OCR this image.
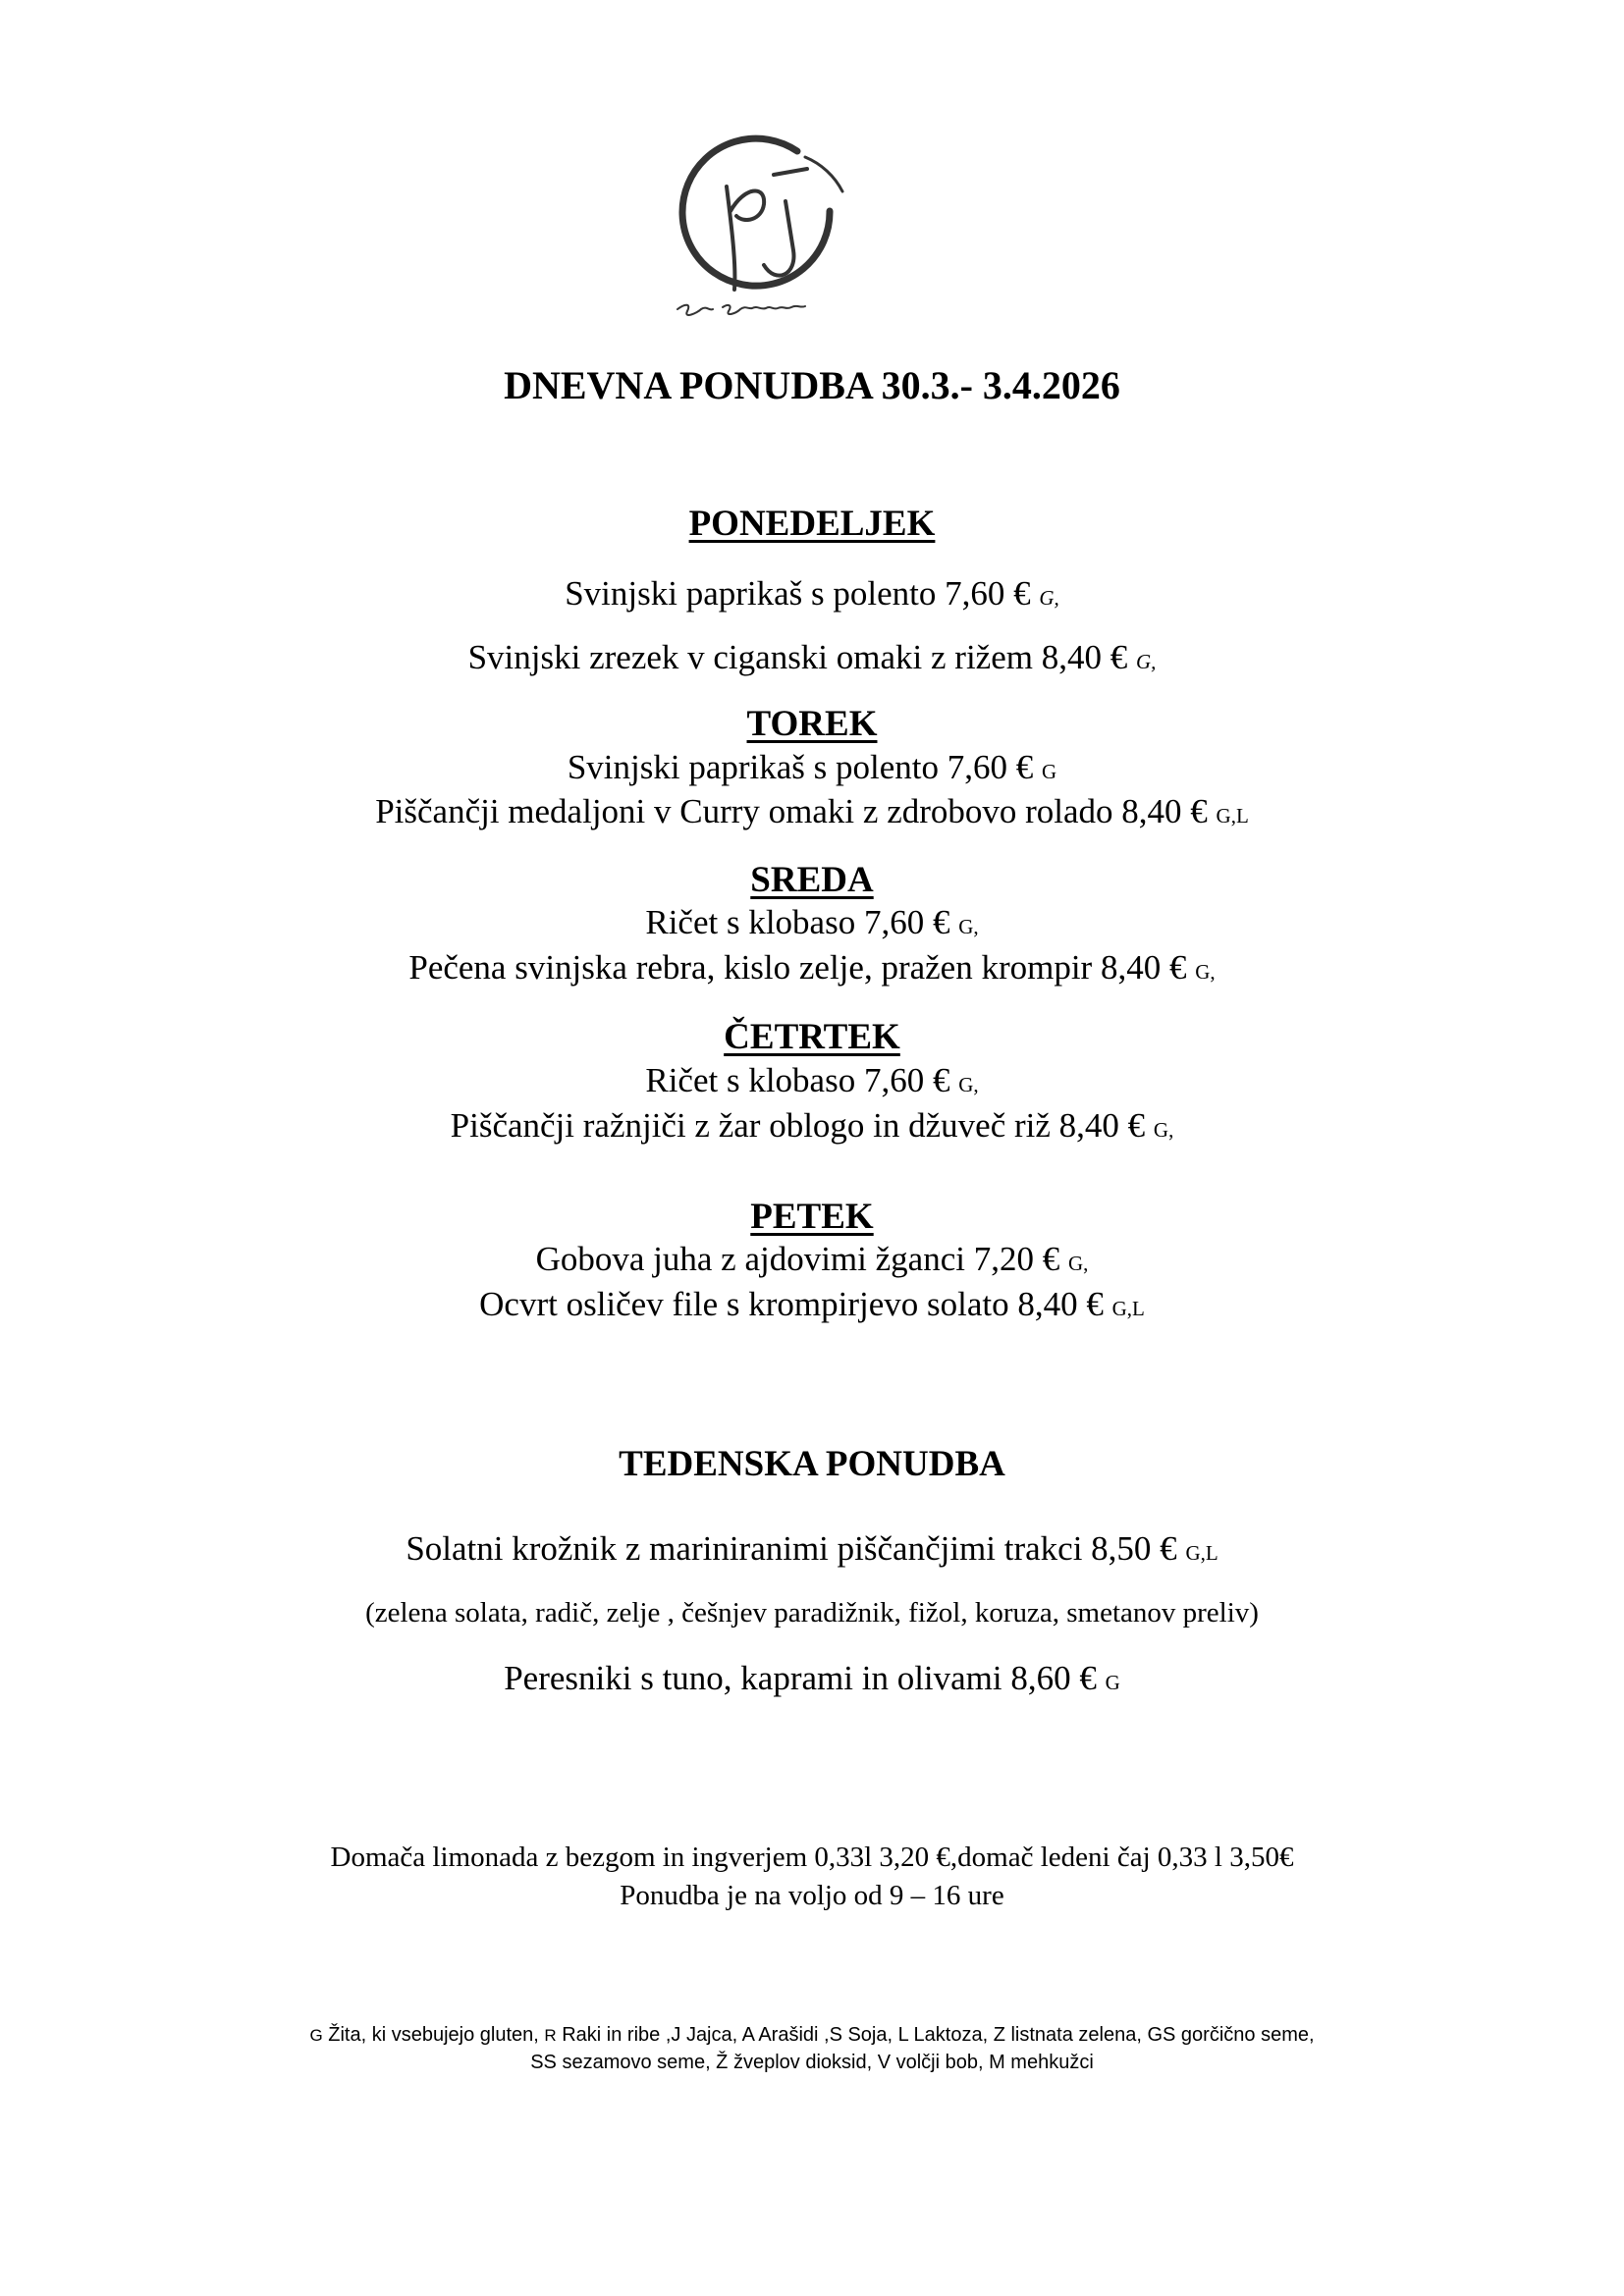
DNEVNA PONUDBA 30.3.- 3.4.2026
PONEDELJEK
Svinjski paprikaš s polento 7,60 € G,
Svinjski zrezek v ciganski omaki z rižem 8,40 € G,
TOREK
Svinjski paprikaš s polento 7,60 € G
Piščančji medaljoni v Curry omaki z zdrobovo rolado 8,40 € G,L
SREDA
Ričet s klobaso 7,60 € G,
Pečena svinjska rebra, kislo zelje, pražen krompir 8,40 € G,
ČETRTEK
Ričet s klobaso 7,60 € G,
Piščančji ražnjiči z žar oblogo in džuveč riž 8,40 € G,
PETEK
Gobova juha z ajdovimi žganci 7,20 € G,
Ocvrt osličev file s krompirjevo solato 8,40 € G,L
TEDENSKA PONUDBA
Solatni krožnik z mariniranimi piščančjimi trakci 8,50 € G,L
(zelena solata, radič, zelje , češnjev paradižnik, fižol, koruza, smetanov preliv)
Peresniki s tuno, kaprami in olivami 8,60 € G
Domača limonada z bezgom in ingverjem 0,33l 3,20 €,domač ledeni čaj 0,33 l 3,50€
Ponudba je na voljo od 9 – 16 ure
G Žita, ki vsebujejo gluten, R Raki in ribe ,J Jajca, A Arašidi ,S Soja, L Laktoza, Z listnata zelena, GS gorčično seme,
SS sezamovo seme, Ž žveplov dioksid, V volčji bob, M mehkužci
